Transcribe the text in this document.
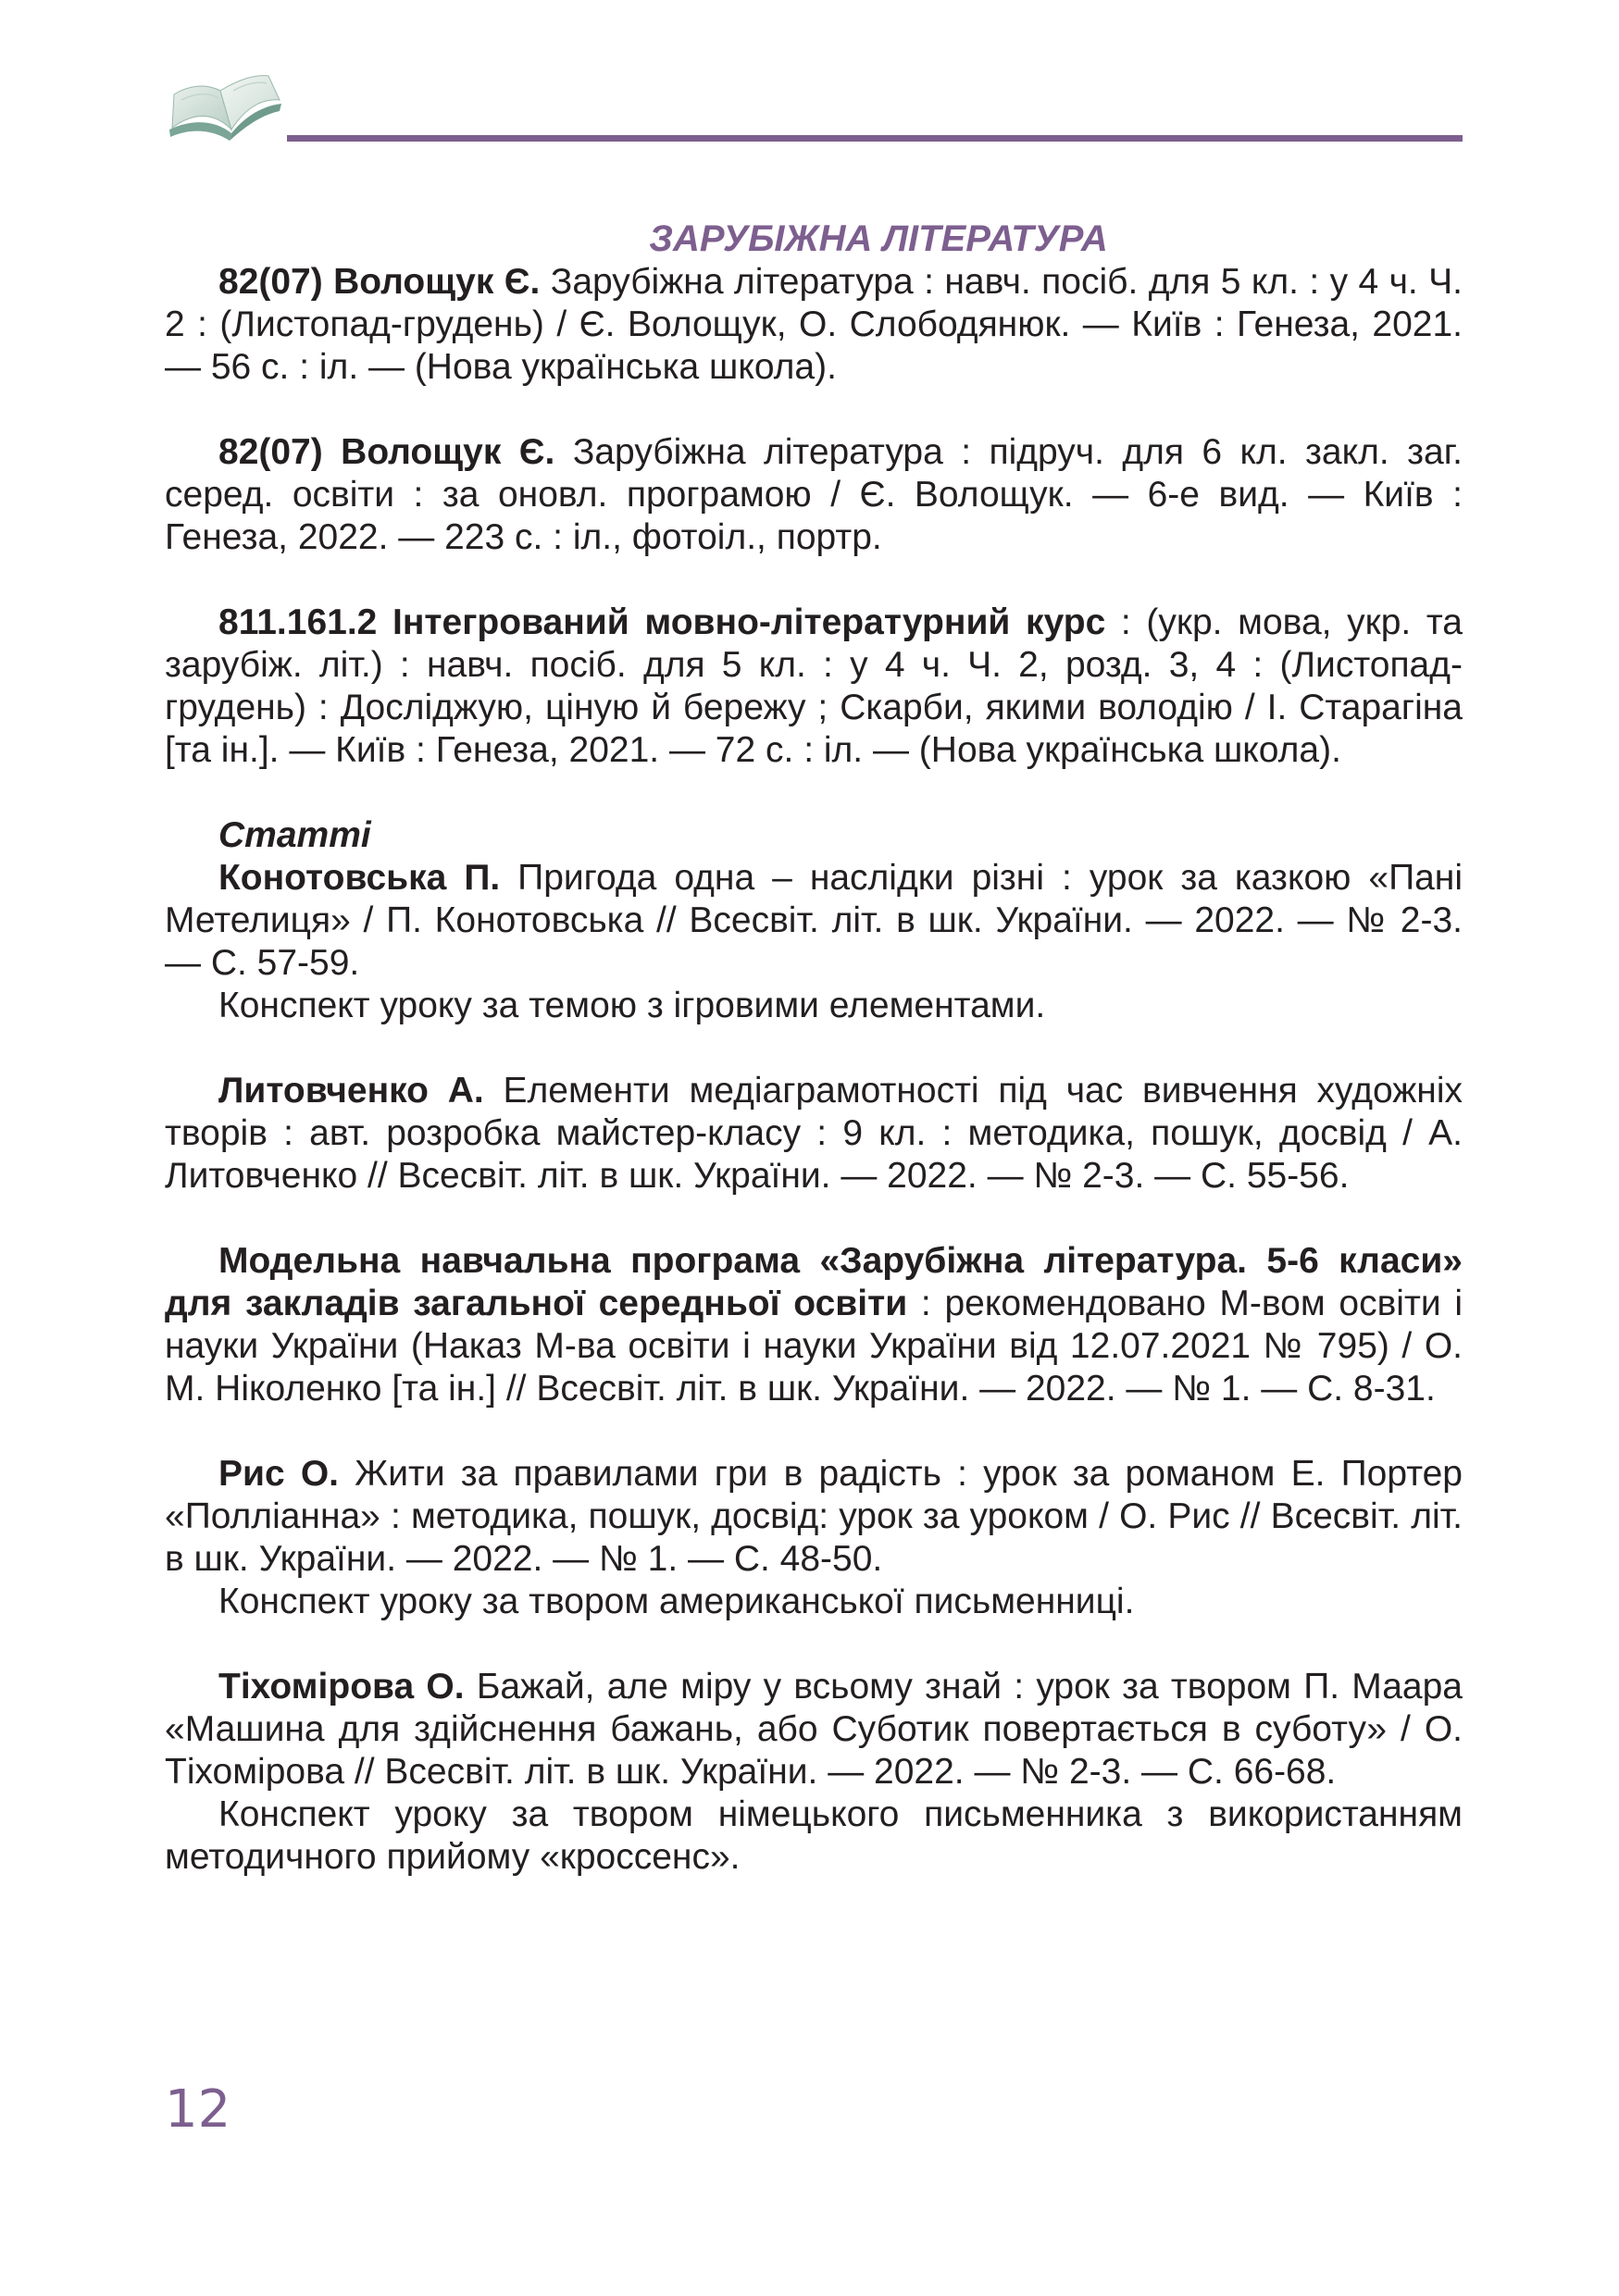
ЗАРУБІЖНА ЛІТЕРАТУРА

82(07) Волощук Є. Зарубіжна література : навч. посіб. для 5 кл. : у 4 ч. Ч. 2 : (Листопад-грудень) / Є. Волощук, О. Слободянюк. — Київ : Генеза, 2021. — 56 с. : іл. — (Нова українська школа).

82(07) Волощук Є. Зарубіжна література : підруч. для 6 кл. закл. заг. серед. освіти : за оновл. програмою / Є. Волощук. — 6-е вид. — Київ : Генеза, 2022. — 223 с. : іл., фотоіл., портр.

811.161.2 Інтегрований мовно-літературний курс : (укр. мова, укр. та зарубіж. літ.) : навч. посіб. для 5 кл. : у 4 ч. Ч. 2, розд. 3, 4 : (Листопад-грудень) : Досліджую, ціную й бережу ; Скарби, якими володію / І. Старагіна [та ін.]. — Київ : Генеза, 2021. — 72 с. : іл. — (Нова українська школа).

Статті

Конотовська П. Пригода одна – наслідки різні : урок за казкою «Пані Метелиця» / П. Конотовська // Всесвіт. літ. в шк. України. — 2022. — № 2-3. — С. 57-59.

Конспект уроку за темою з ігровими елементами.

Литовченко А. Елементи медіаграмотності під час вивчення художніх творів : авт. розробка майстер-класу : 9 кл. : методика, пошук, досвід / А. Литовченко // Всесвіт. літ. в шк. України. — 2022. — № 2-3. — С. 55-56.

Модельна навчальна програма «Зарубіжна література. 5-6 класи» для закладів загальної середньої освіти : рекомендовано М-вом освіти і науки України (Наказ М-ва освіти і науки України від 12.07.2021 № 795) / О. М. Ніколенко [та ін.] // Всесвіт. літ. в шк. України. — 2022. — № 1. — С. 8-31.

Рис О. Жити за правилами гри в радість : урок за романом Е. Портер «Полліанна» : методика, пошук, досвід: урок за уроком / О. Рис // Всесвіт. літ. в шк. України. — 2022. — № 1. — С. 48-50.

Конспект уроку за твором американської письменниці.

Тіхомірова О. Бажай, але міру у всьому знай : урок за твором П. Маара «Машина для здійснення бажань, або Суботик повертається в суботу» / О. Тіхомірова // Всесвіт. літ. в шк. України. — 2022. — № 2-3. — С. 66-68.

Конспект уроку за твором німецького письменника з використанням методичного прийому «кроссенс».

12
